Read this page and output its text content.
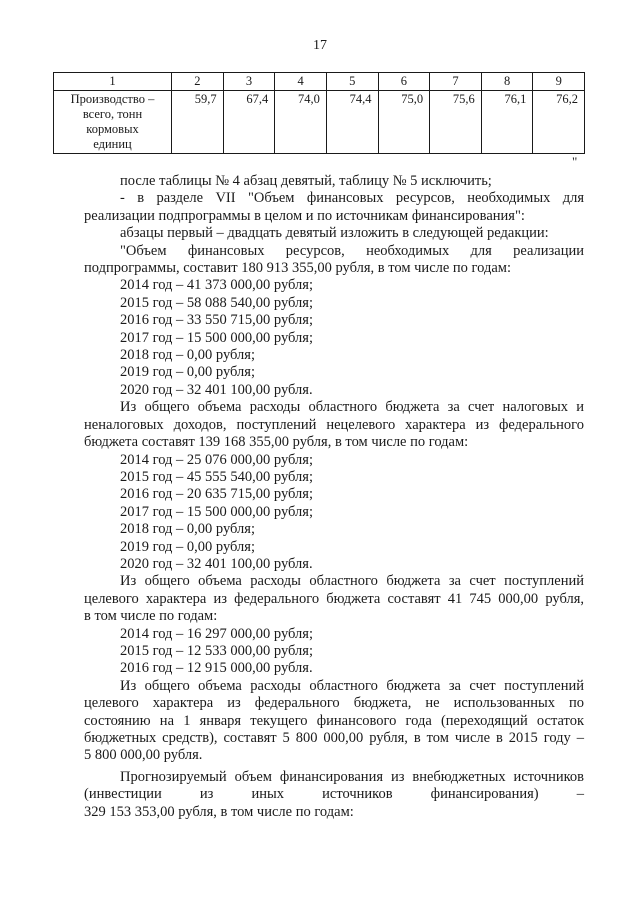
17
1	2	3	4	5	6	7	8	9

Производство –
всего, тонн
кормовых
единиц	59,7	67,4	74,0	74,4	75,0	75,6	76,1	76,2
"

после таблицы № 4 абзац девятый, таблицу № 5 исключить;

- в разделе VII "Объем финансовых ресурсов, необходимых для

реализации подпрограммы в целом и по источникам финансирования":

абзацы первый – двадцать девятый изложить в следующей редакции:

"Объем финансовых ресурсов, необходимых для реализации

подпрограммы, составит 180 913 355,00 рубля, в том числе по годам:

2014 год – 41 373 000,00 рубля;

2015 год – 58 088 540,00 рубля;

2016 год – 33 550 715,00 рубля;

2017 год – 15 500 000,00 рубля;

2018 год – 0,00 рубля;

2019 год – 0,00 рубля;

2020 год – 32 401 100,00 рубля.

Из общего объема расходы областного бюджета за счет налоговых и

неналоговых доходов, поступлений нецелевого характера из федерального

бюджета составят 139 168 355,00 рубля, в том числе по годам:

2014 год – 25 076 000,00 рубля;

2015 год – 45 555 540,00 рубля;

2016 год – 20 635 715,00 рубля;

2017 год – 15 500 000,00 рубля;

2018 год – 0,00 рубля;

2019 год – 0,00 рубля;

2020 год – 32 401 100,00 рубля.

Из общего объема расходы областного бюджета за счет поступлений

целевого характера из федерального бюджета составят 41 745 000,00 рубля,

в том числе по годам:

2014 год – 16 297 000,00 рубля;

2015 год – 12 533 000,00 рубля;

2016 год – 12 915 000,00 рубля.

Из общего объема расходы областного бюджета за счет поступлений

целевого характера из федерального бюджета, не использованных по

состоянию на 1 января текущего финансового года (переходящий остаток

бюджетных средств), составят 5 800 000,00 рубля, в том числе в 2015 году –

5 800 000,00 рубля.

Прогнозируемый объем финансирования из внебюджетных источников

(инвестиции из иных источников финансирования) –

329 153 353,00 рубля, в том числе по годам:
